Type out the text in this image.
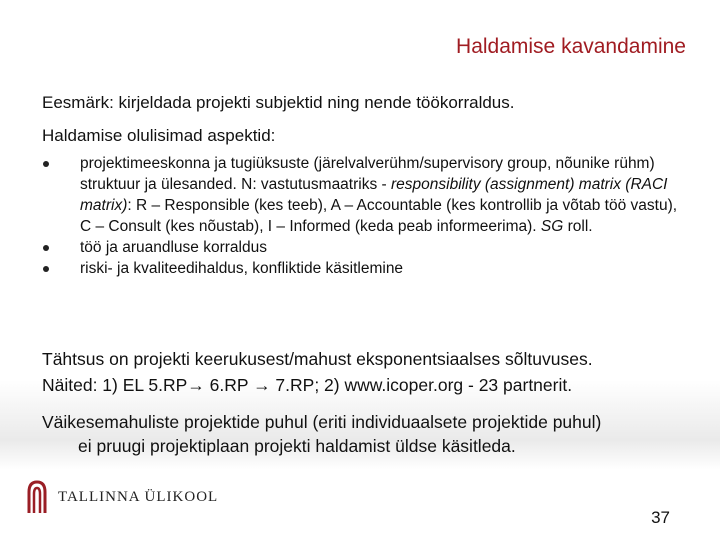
Haldamise kavandamine

Eesmärk: kirjeldada projekti subjektid ning nende töökorraldus.

Haldamise olulisimad aspektid:

projektimeeskonna ja tugiüksuste (järelvalverühm/supervisory group, nõunike rühm) struktuur ja ülesanded. N: vastutusmaatriks - responsibility (assignment) matrix (RACI matrix): R – Responsible (kes teeb), A – Accountable (kes kontrollib ja võtab töö vastu), C – Consult (kes nõustab), I – Informed (keda peab informeerima). SG roll.
töö ja aruandluse korraldus
riski- ja kvaliteedihaldus, konfliktide käsitlemine

Tähtsus on projekti keerukusest/mahust eksponentsiaalses sõltuvuses.
Näited: 1) EL 5.RP→ 6.RP → 7.RP; 2) www.icoper.org - 23 partnerit.

Väikesemahuliste projektide puhul (eriti individuaalsete projektide puhul)
ei pruugi projektiplaan projekti haldamist üldse käsitleda.

TALLINNA ÜLIKOOL
37
